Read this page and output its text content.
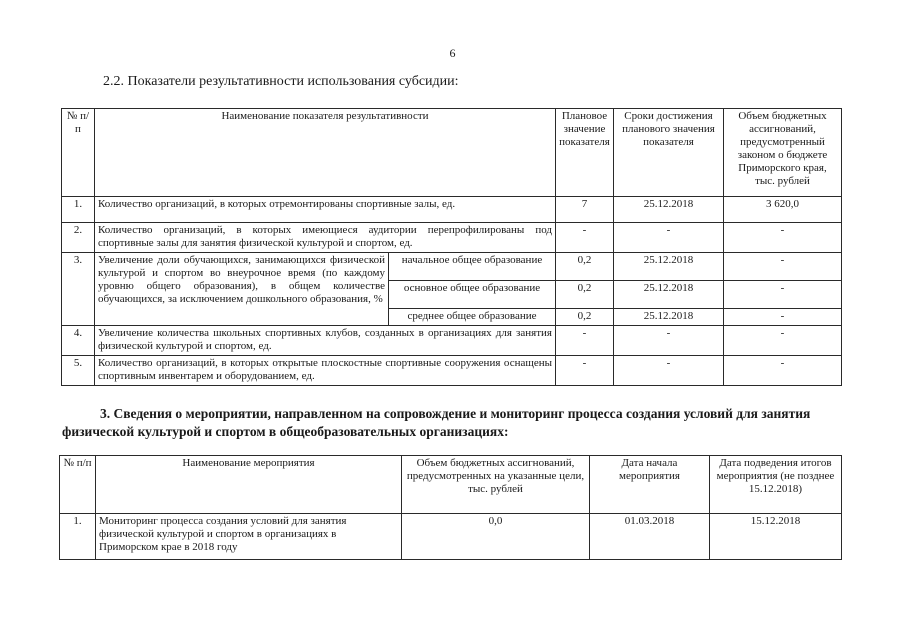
6
2.2. Показатели результативности использования субсидии:
№ п/п	Наименование показателя результативности		Плановое значение показателя	Сроки достижения планового значения показателя	Объем бюджетных ассигнований, предусмотренный законом о бюджете Приморского края, тыс. рублей
1.	Количество организаций, в которых отремонтированы спортивные залы, ед.		7	25.12.2018	3 620,0
2.	Количество организаций, в которых имеющиеся аудитории перепрофилированы под спортивные залы для занятия физической культурой и спортом, ед.		-	-	-
3.	Увеличение доли обучающихся, занимающихся физической культурой и спортом во внеурочное время (по каждому уровню общего образования), в общем количестве обучающихся, за исключением дошкольного образования, %	начальное общее образование	0,2	25.12.2018	-
		основное общее образование	0,2	25.12.2018	-
		среднее общее образование	0,2	25.12.2018	-
4.	Увеличение количества школьных спортивных клубов, созданных в организациях для занятия физической культурой и спортом, ед.		-	-	-
5.	Количество организаций, в которых открытые плоскостные спортивные сооружения оснащены спортивным инвентарем и оборудованием, ед.		-	-	-
3. Сведения о мероприятии, направленном на сопровождение и мониторинг процесса создания условий для занятия физической культурой и спортом в общеобразовательных организациях:
№ п/п	Наименование мероприятия	Объем бюджетных ассигнований, предусмотренных на указанные цели, тыс. рублей	Дата начала мероприятия	Дата подведения итогов мероприятия (не позднее 15.12.2018)
1.	Мониторинг процесса создания условий для занятия физической культурой и спортом в организациях в Приморском крае в 2018 году	0,0	01.03.2018	15.12.2018
